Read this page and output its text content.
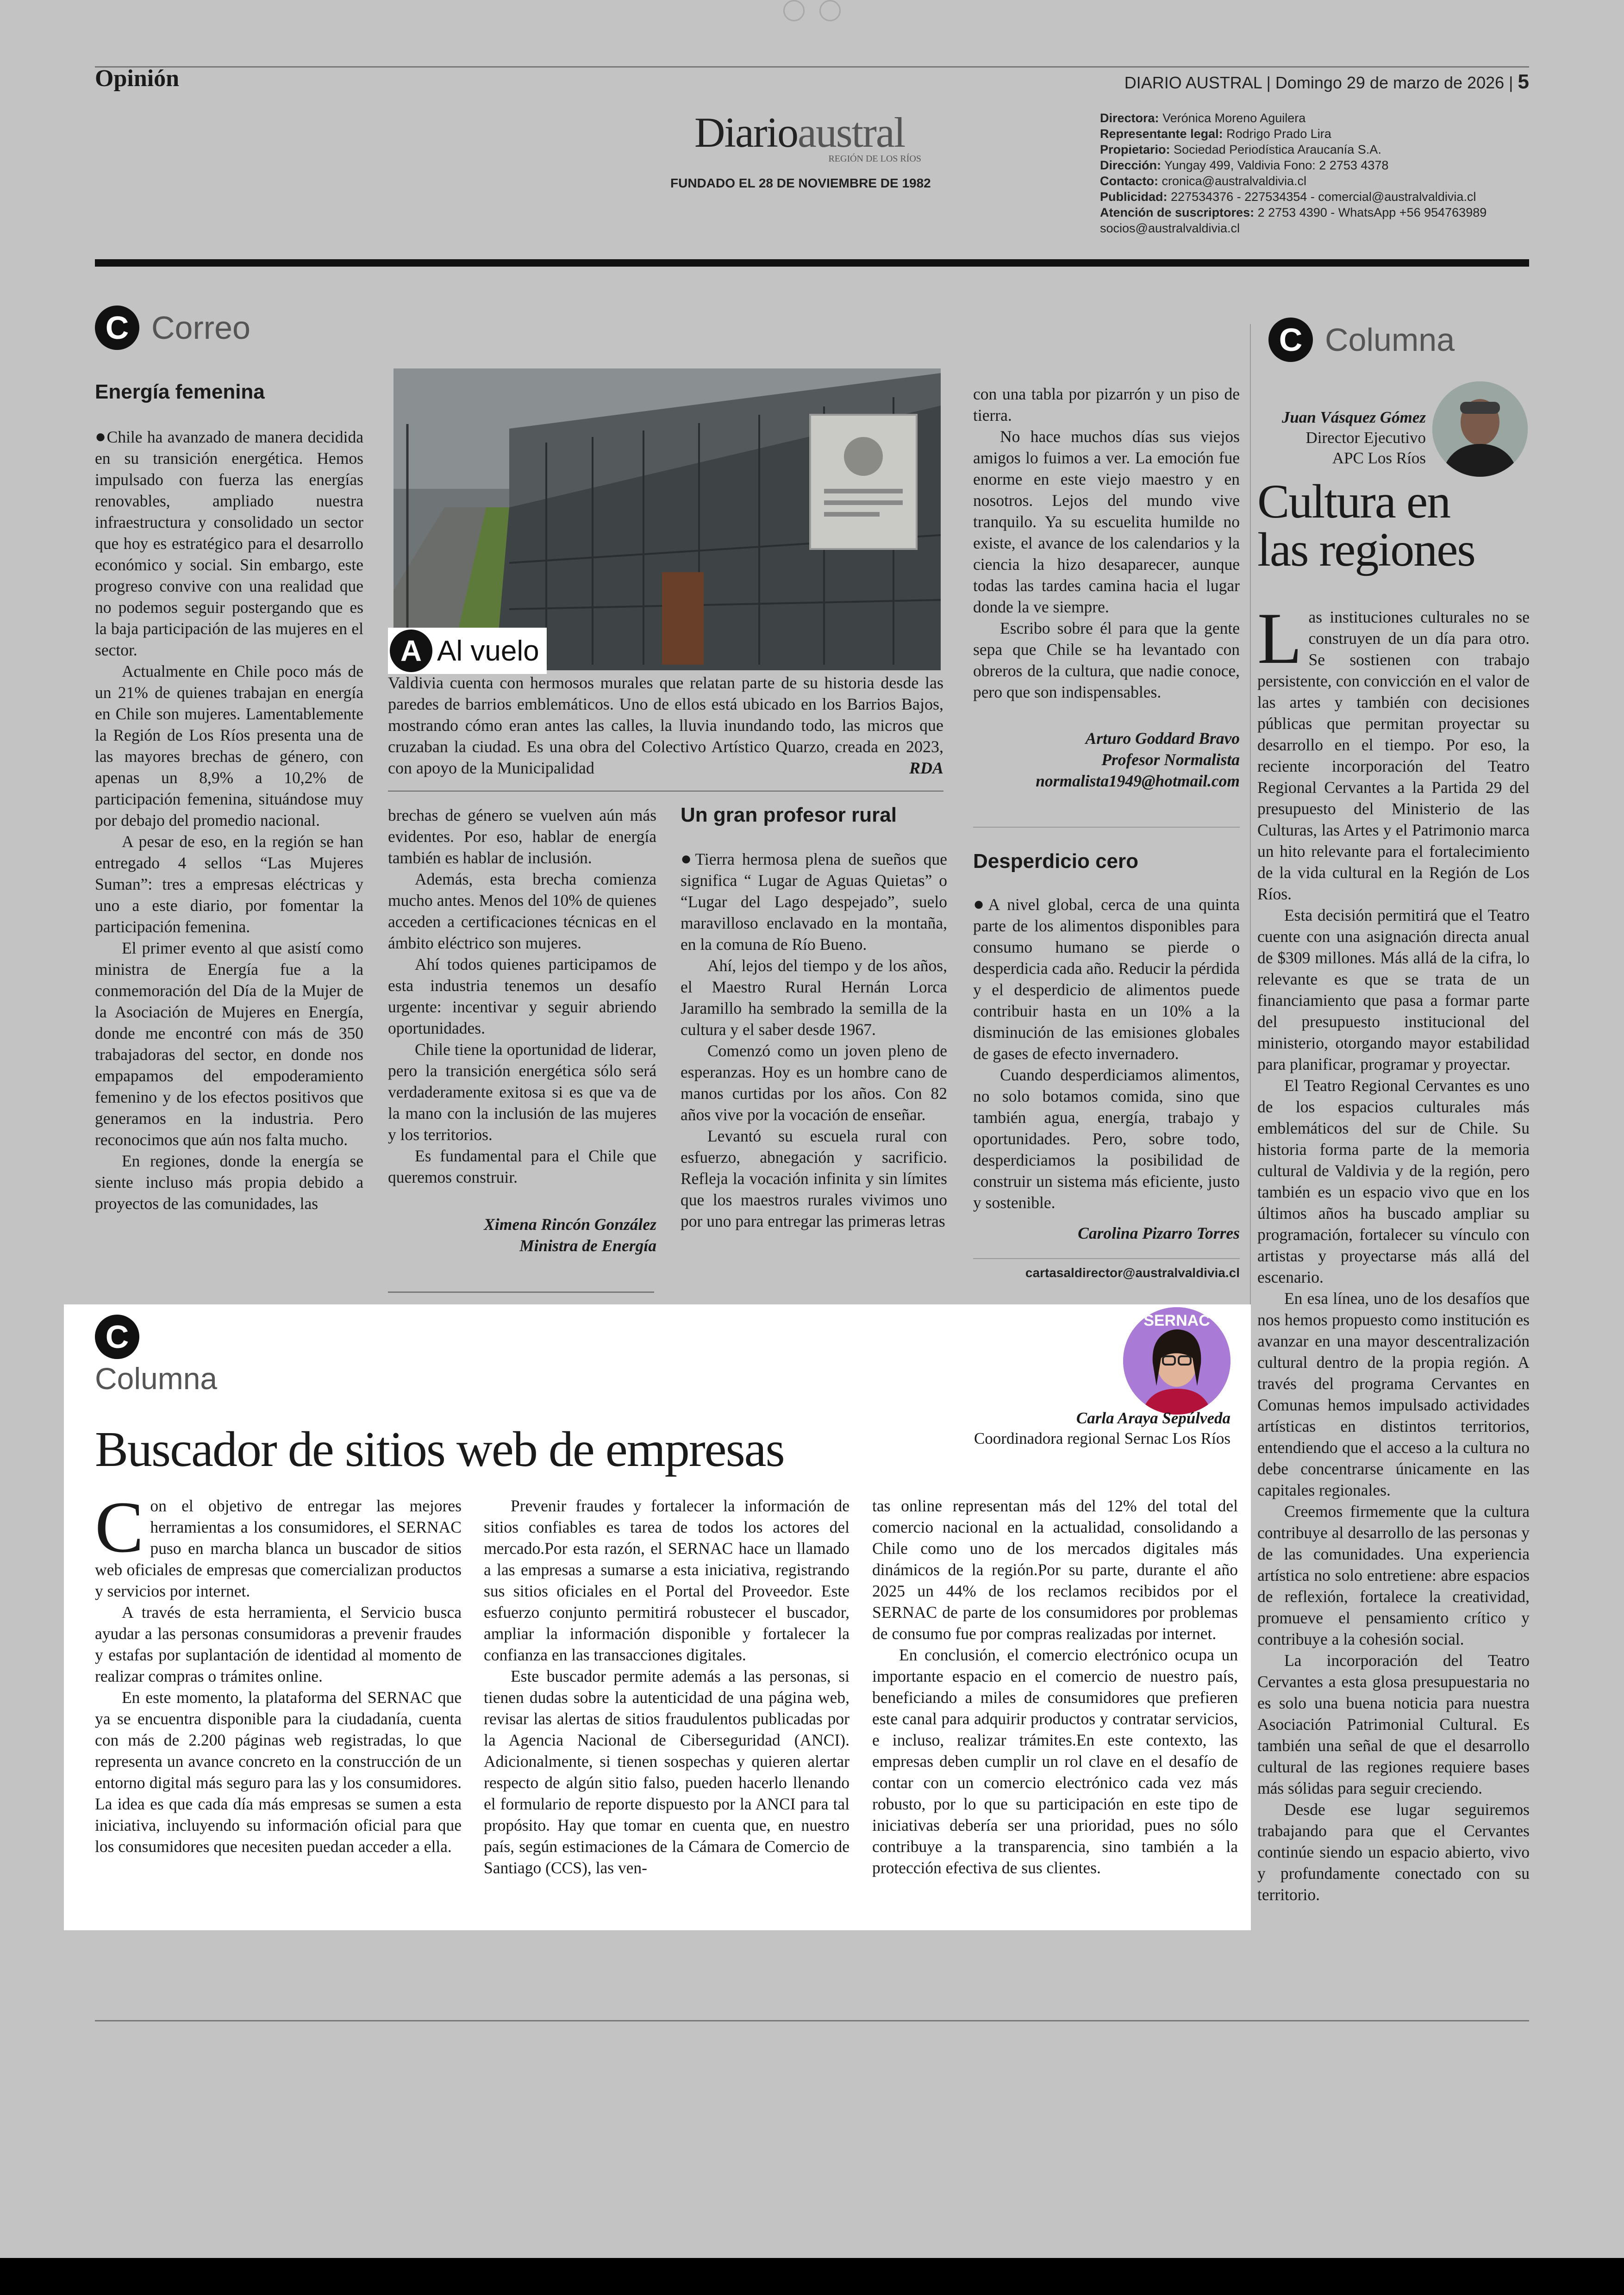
Opinión	DIARIO AUSTRAL | Domingo 29 de marzo de 2026 | 5
Diarioaustral
REGIÓN DE LOS RÍOS
FUNDADO EL 28 DE NOVIEMBRE DE 1982
Directora: Verónica Moreno Aguilera
Representante legal: Rodrigo Prado Lira
Propietario: Sociedad Periodística Araucanía S.A.
Dirección: Yungay 499, Valdivia Fono: 2 2753 4378
Contacto: cronica@australvaldivia.cl
Publicidad: 227534376 - 227534354 - comercial@australvaldivia.cl
Atención de suscriptores: 2 2753 4390 - WhatsApp +56 954763989
socios@australvaldivia.cl
C Correo
Energía femenina

●Chile ha avanzado de manera decidida en su transición energética. Hemos impulsado con fuerza las energías renovables, ampliado nuestra infraestructura y consolidado un sector que hoy es estratégico para el desarrollo económico y social. Sin embargo, este progreso convive con una realidad que no podemos seguir postergando que es la baja participación de las mujeres en el sector.

Actualmente en Chile poco más de un 21% de quienes trabajan en energía en Chile son mujeres. Lamentablemente la Región de Los Ríos presenta una de las mayores brechas de género, con apenas un 8,9% a 10,2% de participación femenina, situándose muy por debajo del promedio nacional.

A pesar de eso, en la región se han entregado 4 sellos “Las Mujeres Suman”: tres a empresas eléctricas y uno a este diario, por fomentar la participación femenina.

El primer evento al que asistí como ministra de Energía fue a la conmemoración del Día de la Mujer de la Asociación de Mujeres en Energía, donde me encontré con más de 350 trabajadoras del sector, en donde nos empapamos del empoderamiento femenino y de los efectos positivos que generamos en la industria. Pero reconocimos que aún nos falta mucho.

En regiones, donde la energía se siente incluso más propia debido a proyectos de las comunidades, las

A Al vuelo
Valdivia cuenta con hermosos murales que relatan parte de su historia desde las paredes de barrios emblemáticos. Uno de ellos está ubicado en los Barrios Bajos, mostrando cómo eran antes las calles, la lluvia inundando todo, las micros que cruzaban la ciudad. Es una obra del Colectivo Artístico Quarzo, creada en 2023, con apoyo de la Municipalidad	RDA

brechas de género se vuelven aún más evidentes. Por eso, hablar de energía también es hablar de inclusión.

Además, esta brecha comienza mucho antes. Menos del 10% de quienes acceden a certificaciones técnicas en el ámbito eléctrico son mujeres.

Ahí todos quienes participamos de esta industria tenemos un desafío urgente: incentivar y seguir abriendo oportunidades.

Chile tiene la oportunidad de liderar, pero la transición energética sólo será verdaderamente exitosa si es que va de la mano con la inclusión de las mujeres y los territorios.

Es fundamental para el Chile que queremos construir.

Ximena Rincón González
Ministra de Energía
Un gran profesor rural

●Tierra hermosa plena de sueños que significa “ Lugar de Aguas Quietas” o “Lugar del Lago despejado”, suelo maravilloso enclavado en la montaña, en la comuna de Río Bueno.

Ahí, lejos del tiempo y de los años, el Maestro Rural Hernán Lorca Jaramillo ha sembrado la semilla de la cultura y el saber desde 1967.

Comenzó como un joven pleno de esperanzas. Hoy es un hombre cano de manos curtidas por los años. Con 82 años vive por la vocación de enseñar.

Levantó su escuela rural con esfuerzo, abnegación y sacrificio. Refleja la vocación infinita y sin límites que los maestros rurales vivimos uno por uno para entregar las primeras letras

con una tabla por pizarrón y un piso de tierra.

No hace muchos días sus viejos amigos lo fuimos a ver. La emoción fue enorme en este viejo maestro y en nosotros. Lejos del mundo vive tranquilo. Ya su escuelita humilde no existe, el avance de los calendarios y la ciencia la hizo desaparecer, aunque todas las tardes camina hacia el lugar donde la ve siempre.

Escribo sobre él para que la gente sepa que Chile se ha levantado con obreros de la cultura, que nadie conoce, pero que son indispensables.

Arturo Goddard Bravo
Profesor Normalista
normalista1949@hotmail.com
Desperdicio cero

●A nivel global, cerca de una quinta parte de los alimentos disponibles para consumo humano se pierde o desperdicia cada año. Reducir la pérdida y el desperdicio de alimentos puede contribuir hasta en un 10% a la disminución de las emisiones globales de gases de efecto invernadero.

Cuando desperdiciamos alimentos, no solo botamos comida, sino que también agua, energía, trabajo y oportunidades. Pero, sobre todo, desperdiciamos la posibilidad de construir un sistema más eficiente, justo y sostenible.

Carolina Pizarro Torres
cartasaldirector@australvaldivia.cl
C Columna
Juan Vásquez Gómez
Director Ejecutivo
APC Los Ríos
Cultura en las regiones

Las instituciones culturales no se construyen de un día para otro. Se sostienen con trabajo persistente, con convicción en el valor de las artes y también con decisiones públicas que permitan proyectar su desarrollo en el tiempo. Por eso, la reciente incorporación del Teatro Regional Cervantes a la Partida 29 del presupuesto del Ministerio de las Culturas, las Artes y el Patrimonio marca un hito relevante para el fortalecimiento de la vida cultural en la Región de Los Ríos.

Esta decisión permitirá que el Teatro cuente con una asignación directa anual de $309 millones. Más allá de la cifra, lo relevante es que se trata de un financiamiento que pasa a formar parte del presupuesto institucional del ministerio, otorgando mayor estabilidad para planificar, programar y proyectar.

El Teatro Regional Cervantes es uno de los espacios culturales más emblemáticos del sur de Chile. Su historia forma parte de la memoria cultural de Valdivia y de la región, pero también es un espacio vivo que en los últimos años ha buscado ampliar su programación, fortalecer su vínculo con artistas y proyectarse más allá del escenario.

En esa línea, uno de los desafíos que nos hemos propuesto como institución es avanzar en una mayor descentralización cultural dentro de la propia región. A través del programa Cervantes en Comunas hemos impulsado actividades artísticas en distintos territorios, entendiendo que el acceso a la cultura no debe concentrarse únicamente en las capitales regionales.

Creemos firmemente que la cultura contribuye al desarrollo de las personas y de las comunidades. Una experiencia artística no solo entretiene: abre espacios de reflexión, fortalece la creatividad, promueve el pensamiento crítico y contribuye a la cohesión social.

La incorporación del Teatro Cervantes a esta glosa presupuestaria no es solo una buena noticia para nuestra Asociación Patrimonial Cultural. Es también una señal de que el desarrollo cultural de las regiones requiere bases más sólidas para seguir creciendo.

Desde ese lugar seguiremos trabajando para que el Cervantes continúe siendo un espacio abierto, vivo y profundamente conectado con su territorio.

C
Columna
SERNAC
Carla Araya Sepúlveda
Coordinadora regional Sernac Los Ríos
Buscador de sitios web de empresas

Con el objetivo de entregar las mejores herramientas a los consumidores, el SERNAC puso en marcha blanca un buscador de sitios web oficiales de empresas que comercializan productos y servicios por internet.

A través de esta herramienta, el Servicio busca ayudar a las personas consumidoras a prevenir fraudes y estafas por suplantación de identidad al momento de realizar compras o trámites online.

En este momento, la plataforma del SERNAC que ya se encuentra disponible para la ciudadanía, cuenta con más de 2.200 páginas web registradas, lo que representa un avance concreto en la construcción de un entorno digital más seguro para las y los consumidores. La idea es que cada día más empresas se sumen a esta iniciativa, incluyendo su información oficial para que los consumidores que necesiten puedan acceder a ella.

Prevenir fraudes y fortalecer la información de sitios confiables es tarea de todos los actores del mercado.Por esta razón, el SERNAC hace un llamado a las empresas a sumarse a esta iniciativa, registrando sus sitios oficiales en el Portal del Proveedor. Este esfuerzo conjunto permitirá robustecer el buscador, ampliar la información disponible y fortalecer la confianza en las transacciones digitales.

Este buscador permite además a las personas, si tienen dudas sobre la autenticidad de una página web, revisar las alertas de sitios fraudulentos publicadas por la Agencia Nacional de Ciberseguridad (ANCI). Adicionalmente, si tienen sospechas y quieren alertar respecto de algún sitio falso, pueden hacerlo llenando el formulario de reporte dispuesto por la ANCI para tal propósito. Hay que tomar en cuenta que, en nuestro país, según estimaciones de la Cámara de Comercio de Santiago (CCS), las ven-

tas online representan más del 12% del total del comercio nacional en la actualidad, consolidando a Chile como uno de los mercados digitales más dinámicos de la región.Por su parte, durante el año 2025 un 44% de los reclamos recibidos por el SERNAC de parte de los consumidores por problemas de consumo fue por compras realizadas por internet.

En conclusión, el comercio electrónico ocupa un importante espacio en el comercio de nuestro país, beneficiando a miles de consumidores que prefieren este canal para adquirir productos y contratar servicios, e incluso, realizar trámites.En este contexto, las empresas deben cumplir un rol clave en el desafío de contar con un comercio electrónico cada vez más robusto, por lo que su participación en este tipo de iniciativas debería ser una prioridad, pues no sólo contribuye a la transparencia, sino también a la protección efectiva de sus clientes.
